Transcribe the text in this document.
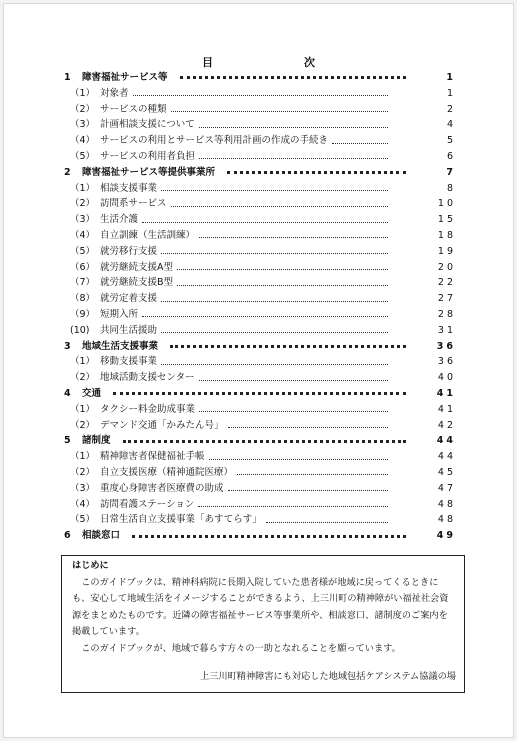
目　次
1	障害福祉サービス等	1
（1） 対象者	1
（2） サービスの種類	2
（3） 計画相談支援について	4
（4） サービスの利用とサービス等利用計画の作成の手続き	5
（5） サービスの利用者負担	6
2	障害福祉サービス等提供事業所	7
（1） 相談支援事業	8
（2） 訪問系サービス	10
（3） 生活介護	15
（4） 自立訓練（生活訓練）	18
（5） 就労移行支援	19
（6） 就労継続支援A型	20
（7） 就労継続支援B型	22
（8） 就労定着支援	27
（9） 短期入所	28
(10)	共同生活援助	31
3	地域生活支援事業	36
（1） 移動支援事業	36
（2） 地域活動支援センター	40
4	交通	41
（1） タクシー料金助成事業	41
（2） デマンド交通「かみたん号」	42
5	諸制度	44
（1） 精神障害者保健福祉手帳	44
（2） 自立支援医療（精神通院医療）	45
（3） 重度心身障害者医療費の助成	47
（4） 訪問看護ステーション	48
（5） 日常生活自立支援事業「あすてらす」	48
6	相談窓口	49
はじめに

このガイドブックは、精神科病院に長期入院していた患者様が地域に戻ってくるときにも、安心して地域生活をイメージすることができるよう、上三川町の精神障がい福祉社会資源をまとめたものです。近隣の障害福祉サービス等事業所や、相談窓口、諸制度のご案内を掲載しています。

このガイドブックが、地域で暮らす方々の一助となれることを願っています。

上三川町精神障害にも対応した地域包括ケアシステム協議の場
